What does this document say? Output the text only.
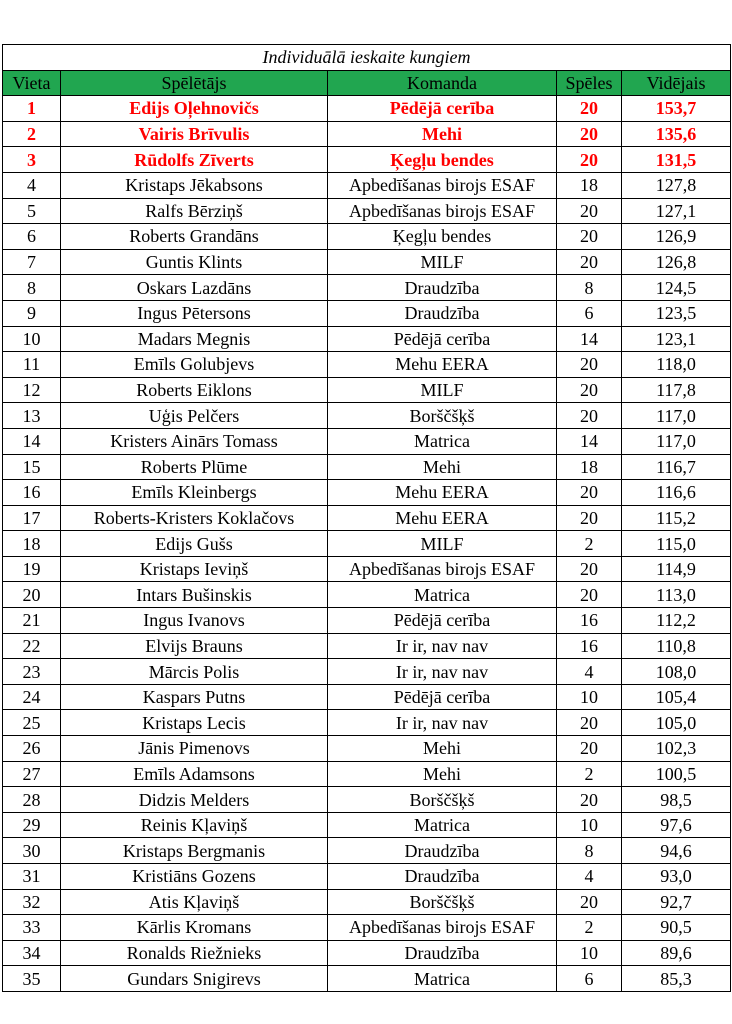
Individuālā ieskaite kungiem				
Vieta	Spēlētājs	Komanda	Spēles	Vidējais
1	Edijs Oļehnovičs	Pēdējā cerība	20	153,7
2	Vairis Brīvulis	Mehi	20	135,6
3	Rūdolfs Zīverts	Ķegļu bendes	20	131,5
4	Kristaps Jēkabsons	Apbedīšanas birojs ESAF	18	127,8
5	Ralfs Bērziņš	Apbedīšanas birojs ESAF	20	127,1
6	Roberts Grandāns	Ķegļu bendes	20	126,9
7	Guntis Klints	MILF	20	126,8
8	Oskars Lazdāns	Draudzība	8	124,5
9	Ingus Pētersons	Draudzība	6	123,5
10	Madars Megnis	Pēdējā cerība	14	123,1
11	Emīls Golubjevs	Mehu EERA	20	118,0
12	Roberts Eiklons	MILF	20	117,8
13	Uģis Pelčers	Borščšķš	20	117,0
14	Kristers Ainārs Tomass	Matrica	14	117,0
15	Roberts Plūme	Mehi	18	116,7
16	Emīls Kleinbergs	Mehu EERA	20	116,6
17	Roberts-Kristers Koklačovs	Mehu EERA	20	115,2
18	Edijs Gušs	MILF	2	115,0
19	Kristaps Ieviņš	Apbedīšanas birojs ESAF	20	114,9
20	Intars Bušinskis	Matrica	20	113,0
21	Ingus Ivanovs	Pēdējā cerība	16	112,2
22	Elvijs Brauns	Ir ir, nav nav	16	110,8
23	Mārcis Polis	Ir ir, nav nav	4	108,0
24	Kaspars Putns	Pēdējā cerība	10	105,4
25	Kristaps Lecis	Ir ir, nav nav	20	105,0
26	Jānis Pimenovs	Mehi	20	102,3
27	Emīls Adamsons	Mehi	2	100,5
28	Didzis Melders	Borščšķš	20	98,5
29	Reinis Kļaviņš	Matrica	10	97,6
30	Kristaps Bergmanis	Draudzība	8	94,6
31	Kristiāns Gozens	Draudzība	4	93,0
32	Atis Kļaviņš	Borščšķš	20	92,7
33	Kārlis Kromans	Apbedīšanas birojs ESAF	2	90,5
34	Ronalds Riežnieks	Draudzība	10	89,6
35	Gundars Snigirevs	Matrica	6	85,3
